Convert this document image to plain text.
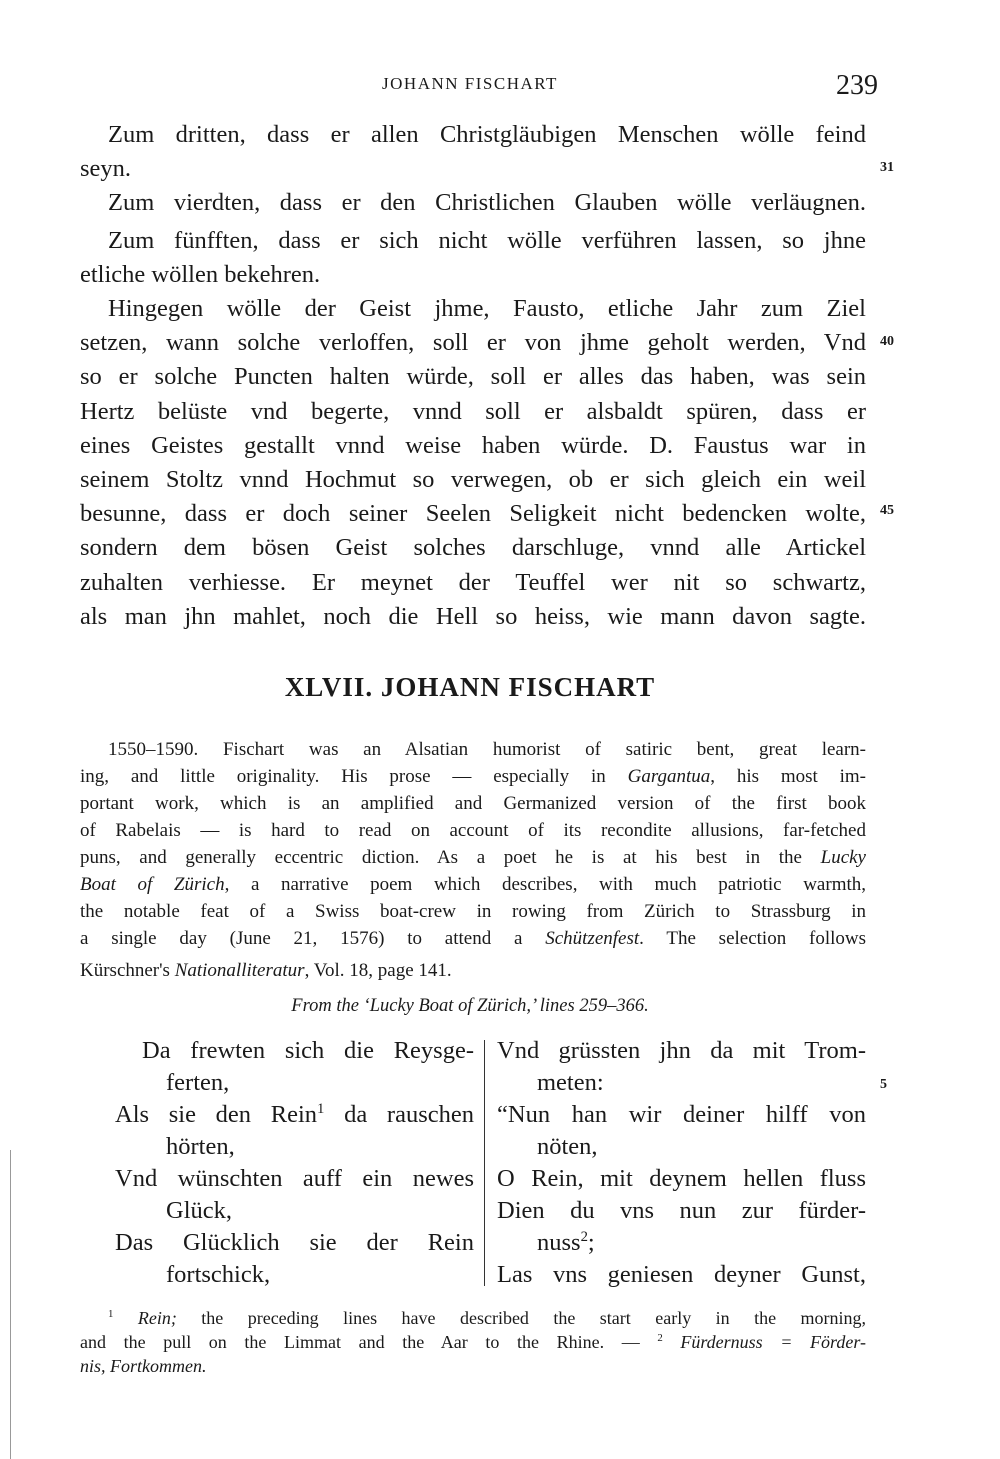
JOHANN FISCHART	239
Zum dritten, dass er allen Christgläubigen Menschen wölle feind
seyn.
Zum vierdten, dass er den Christlichen Glauben wölle verläugnen.
Zum fünfften, dass er sich nicht wölle verführen lassen, so jhne
etliche wöllen bekehren.
Hingegen wölle der Geist jhme, Fausto, etliche Jahr zum Ziel
setzen, wann solche verloffen, soll er von jhme geholt werden, Vnd
so er solche Puncten halten würde, soll er alles das haben, was sein
Hertz belüste vnd begerte, vnnd soll er alsbaldt spüren, dass er
eines Geistes gestallt vnnd weise haben würde. D. Faustus war in
seinem Stoltz vnnd Hochmut so verwegen, ob er sich gleich ein weil
besunne, dass er doch seiner Seelen Seligkeit nicht bedencken wolte,
sondern dem bösen Geist solches darschluge, vnnd alle Artickel
zuhalten verhiesse. Er meynet der Teuffel wer nit so schwartz,
als man jhn mahlet, noch die Hell so heiss, wie mann davon sagte.
XLVII. JOHANN FISCHART
1550–1590. Fischart was an Alsatian humorist of satiric bent, great learn-
ing, and little originality. His prose — especially in Gargantua, his most im-
portant work, which is an amplified and Germanized version of the first book
of Rabelais — is hard to read on account of its recondite allusions, far-fetched
puns, and generally eccentric diction. As a poet he is at his best in the Lucky
Boat of Zürich, a narrative poem which describes, with much patriotic warmth,
the notable feat of a Swiss boat-crew in rowing from Zürich to Strassburg in
a single day (June 21, 1576) to attend a Schützenfest. The selection follows
Kürschner's Nationalliteratur, Vol. 18, page 141.
From the ‘Lucky Boat of Zürich,’ lines 259–366.
Da frewten sich die Reysge-
ferten,
Als sie den Rein$^1$ da rauschen
hörten,
Vnd wünschten auff ein newes
Glück,
Das Glücklich sie der Rein
fortschick,
Vnd grüssten jhn da mit Trom-
meten:
“Nun han wir deiner hilff von
nöten,
O Rein, mit deynem hellen fluss
Dien du vns nun zur fürder-
nuss$^2$;
Las vns geniesen deyner Gunst,
$^1$ Rein; the preceding lines have described the start early in the morning,
and the pull on the Limmat and the Aar to the Rhine. — $^2$ Fürdernuss = Förder-
nis, Fortkommen.
31
40
45
5
